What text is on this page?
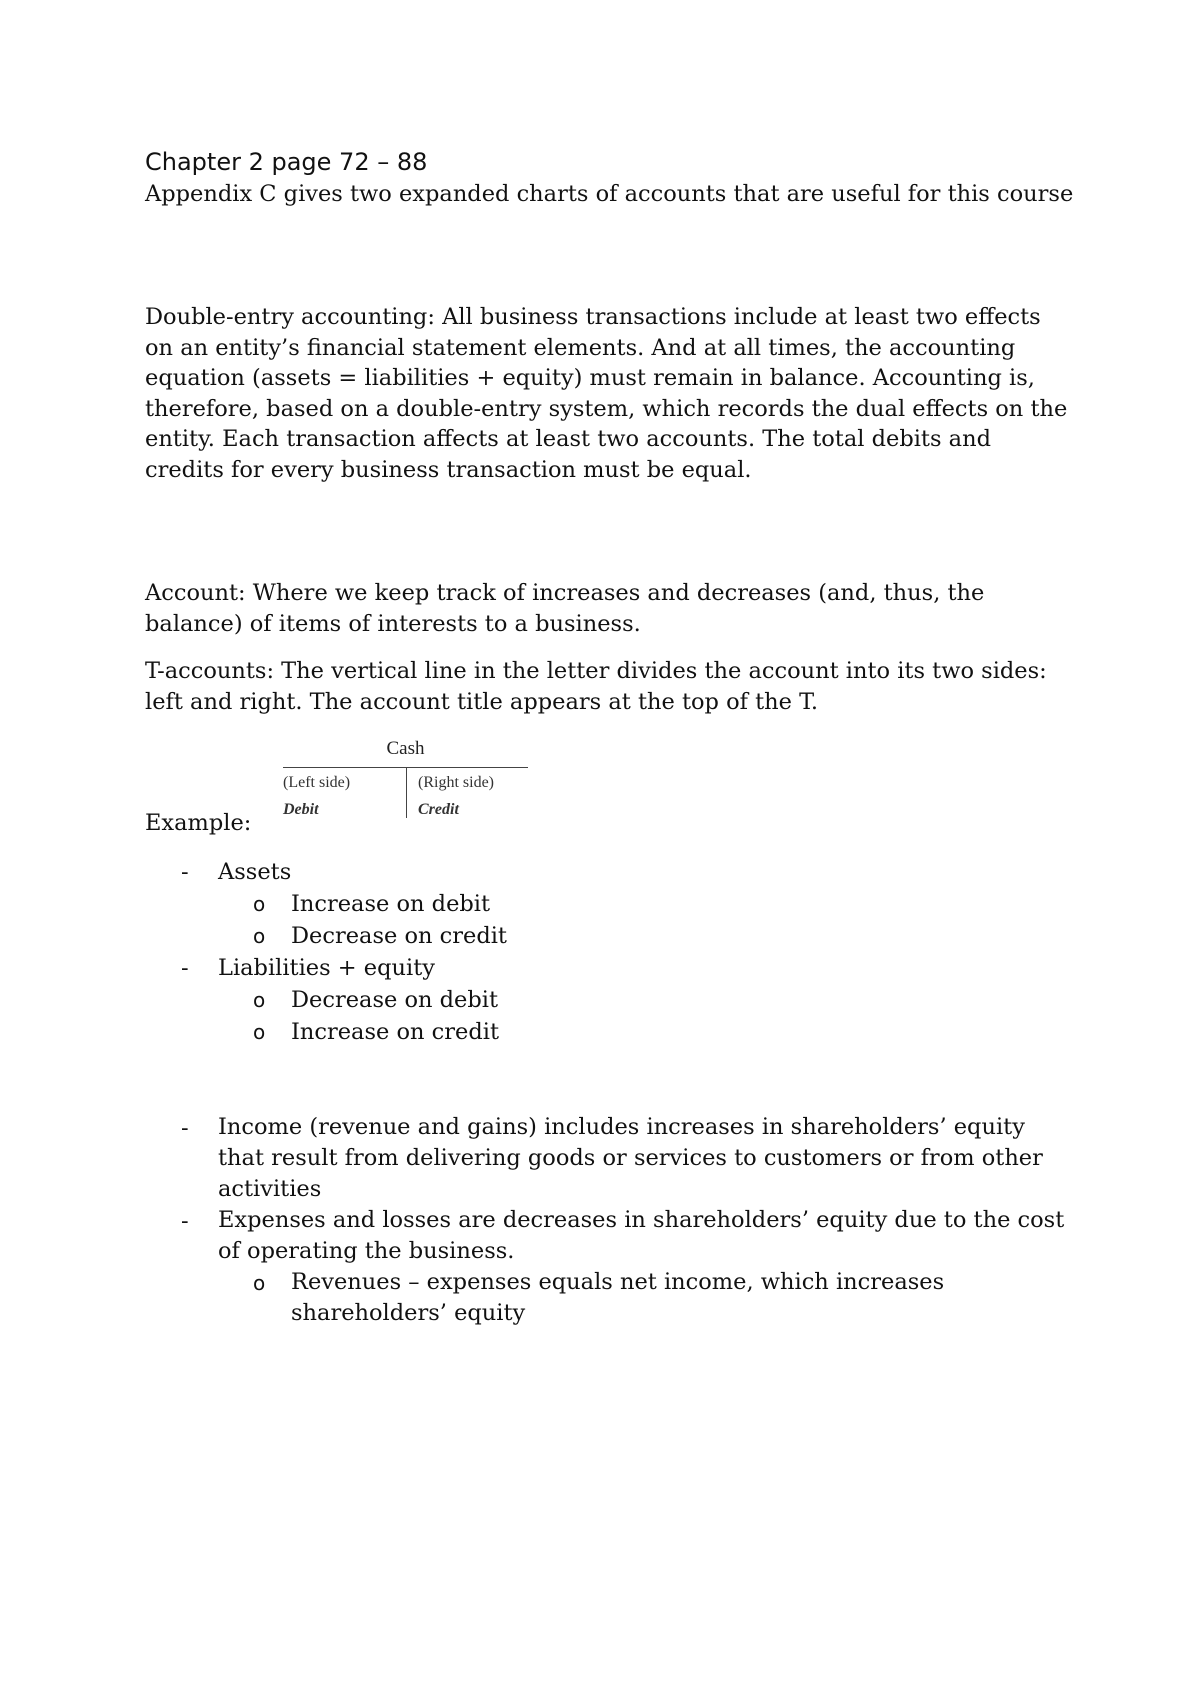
Chapter 2 page 72 – 88

Appendix C gives two expanded charts of accounts that are useful for this course

Double-entry accounting: All business transactions include at least two effects on an entity’s financial statement elements. And at all times, the accounting equation (assets = liabilities + equity) must remain in balance. Accounting is, therefore, based on a double-entry system, which records the dual effects on the entity. Each transaction affects at least two accounts. The total debits and credits for every business transaction must be equal.

Account: Where we keep track of increases and decreases (and, thus, the balance) of items of interests to a business.

T-accounts: The vertical line in the letter divides the account into its two sides: left and right. The account title appears at the top of the T.

Cash
(Left side)	(Right side)
Debit	Credit

Example:

- Assets
o Increase on debit
o Decrease on credit
- Liabilities + equity
o Decrease on debit
o Increase on credit
- Income (revenue and gains) includes increases in shareholders’ equity that result from delivering goods or services to customers or from other activities
- Expenses and losses are decreases in shareholders’ equity due to the cost of operating the business.
o Revenues – expenses equals net income, which increases shareholders’ equity
